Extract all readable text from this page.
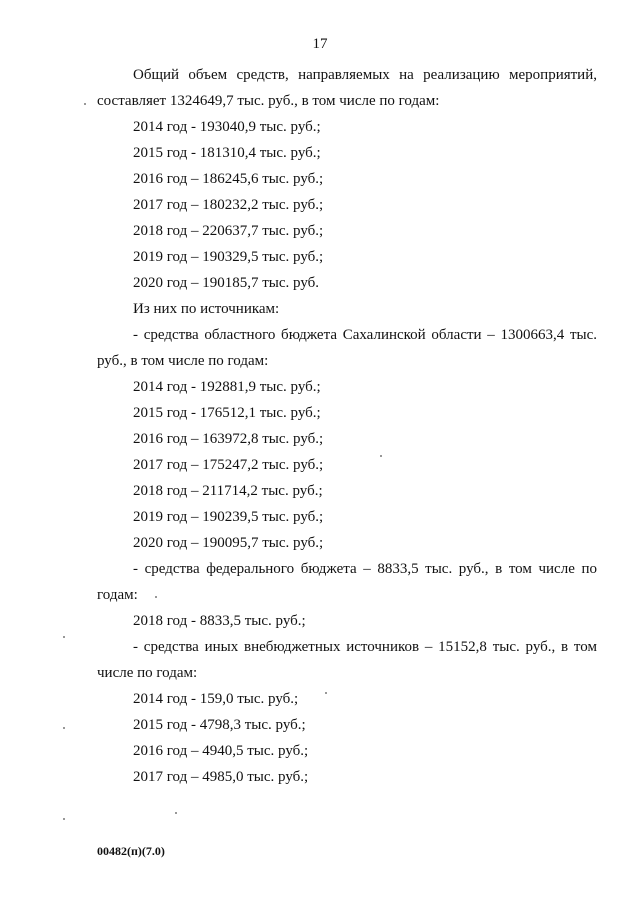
17
Общий объем средств, направляемых на реализацию мероприятий,
составляет 1324649,7 тыс. руб., в том числе по годам:
2014 год - 193040,9 тыс. руб.;
2015 год - 181310,4 тыс. руб.;
2016 год – 186245,6 тыс. руб.;
2017 год – 180232,2 тыс. руб.;
2018 год – 220637,7 тыс. руб.;
2019 год – 190329,5 тыс. руб.;
2020 год – 190185,7 тыс. руб.
Из них по источникам:
- средства областного бюджета Сахалинской области – 1300663,4 тыс.
руб., в том числе по годам:
2014 год - 192881,9 тыс. руб.;
2015 год - 176512,1 тыс. руб.;
2016 год – 163972,8 тыс. руб.;
2017 год – 175247,2 тыс. руб.;
2018 год – 211714,2 тыс. руб.;
2019 год – 190239,5 тыс. руб.;
2020 год – 190095,7 тыс. руб.;
- средства федерального бюджета – 8833,5 тыс. руб., в том числе по
годам:
2018 год - 8833,5 тыс. руб.;
- средства иных внебюджетных источников – 15152,8 тыс. руб., в том
числе по годам:
2014 год - 159,0 тыс. руб.;
2015 год - 4798,3 тыс. руб.;
2016 год – 4940,5 тыс. руб.;
2017 год – 4985,0 тыс. руб.;
00482(п)(7.0)
